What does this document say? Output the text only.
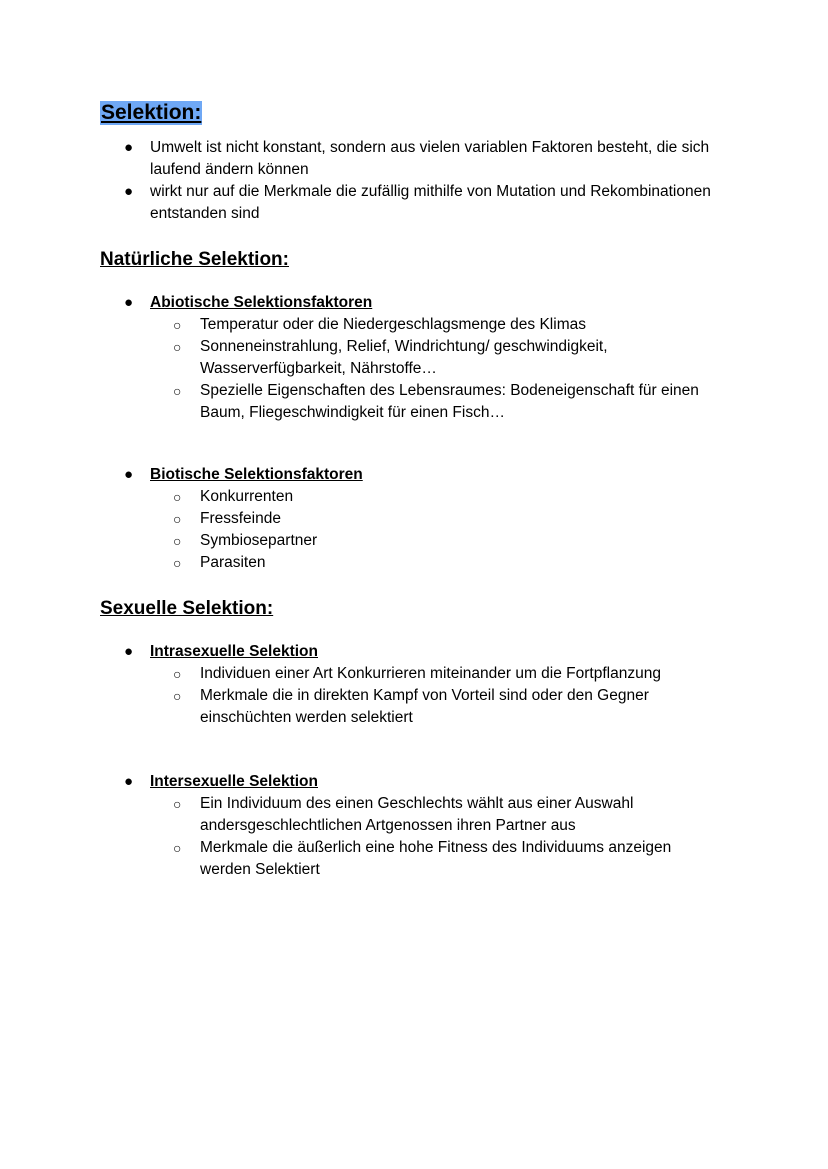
Selektion:
● Umwelt ist nicht konstant, sondern aus vielen variablen Faktoren besteht, die sich laufend ändern können
● wirkt nur auf die Merkmale die zufällig mithilfe von Mutation und Rekombinationen entstanden sind
Natürliche Selektion:
● Abiotische Selektionsfaktoren
○ Temperatur oder die Niedergeschlagsmenge des Klimas
○ Sonneneinstrahlung, Relief, Windrichtung/ geschwindigkeit, Wasserverfügbarkeit, Nährstoffe…
○ Spezielle Eigenschaften des Lebensraumes: Bodeneigenschaft für einen Baum, Fliegeschwindigkeit für einen Fisch…
● Biotische Selektionsfaktoren
○ Konkurrenten
○ Fressfeinde
○ Symbiosepartner
○ Parasiten
Sexuelle Selektion:
● Intrasexuelle Selektion
○ Individuen einer Art Konkurrieren miteinander um die Fortpflanzung
○ Merkmale die in direkten Kampf von Vorteil sind oder den Gegner einschüchten werden selektiert
● Intersexuelle Selektion
○ Ein Individuum des einen Geschlechts wählt aus einer Auswahl andersgeschlechtlichen Artgenossen ihren Partner aus
○ Merkmale die äußerlich eine hohe Fitness des Individuums anzeigen werden Selektiert
